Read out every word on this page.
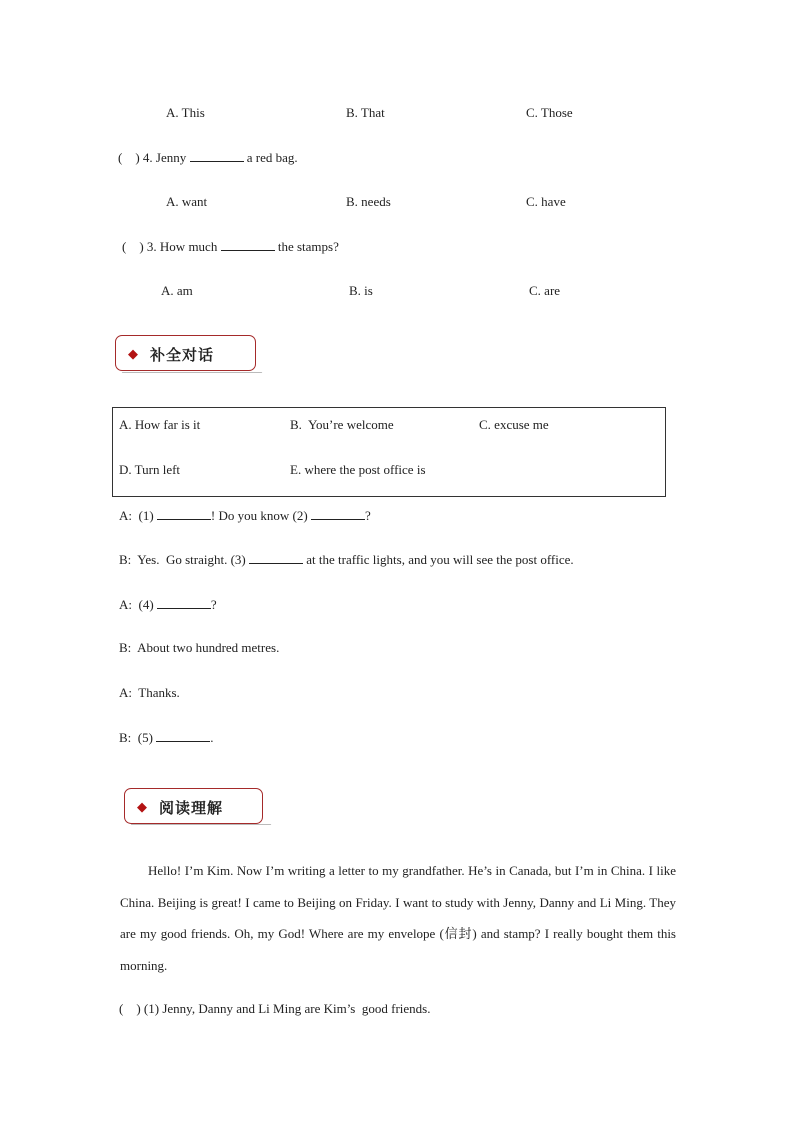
A. This	B. That	C. Those
(    ) 4. Jenny	a red bag.
A. want	B. needs	C. have
(    ) 3. How much	the stamps?
A. am	B. is	C. are
◆ 补全对话
A. How far is it	B.  You’re welcome	C. excuse me
D. Turn left	E. where the post office is
A:  (1)	! Do you know (2)	?
B:  Yes.  Go straight. (3)	at the traffic lights, and you will see the post office.
A:  (4)	?
B:  About two hundred metres.
A:  Thanks.
B:  (5)	.
◆ 阅读理解

Hello! I’m Kim. Now I’m writing a letter to my grandfather. He’s in Canada, but I’m in China. I like China. Beijing is great! I came to Beijing on Friday. I want to study with Jenny, Danny and Li Ming. They are my good friends. Oh, my God! Where are my envelope (信封) and stamp? I really bought them this morning.

(    ) (1) Jenny, Danny and Li Ming are Kim’s  good friends.
